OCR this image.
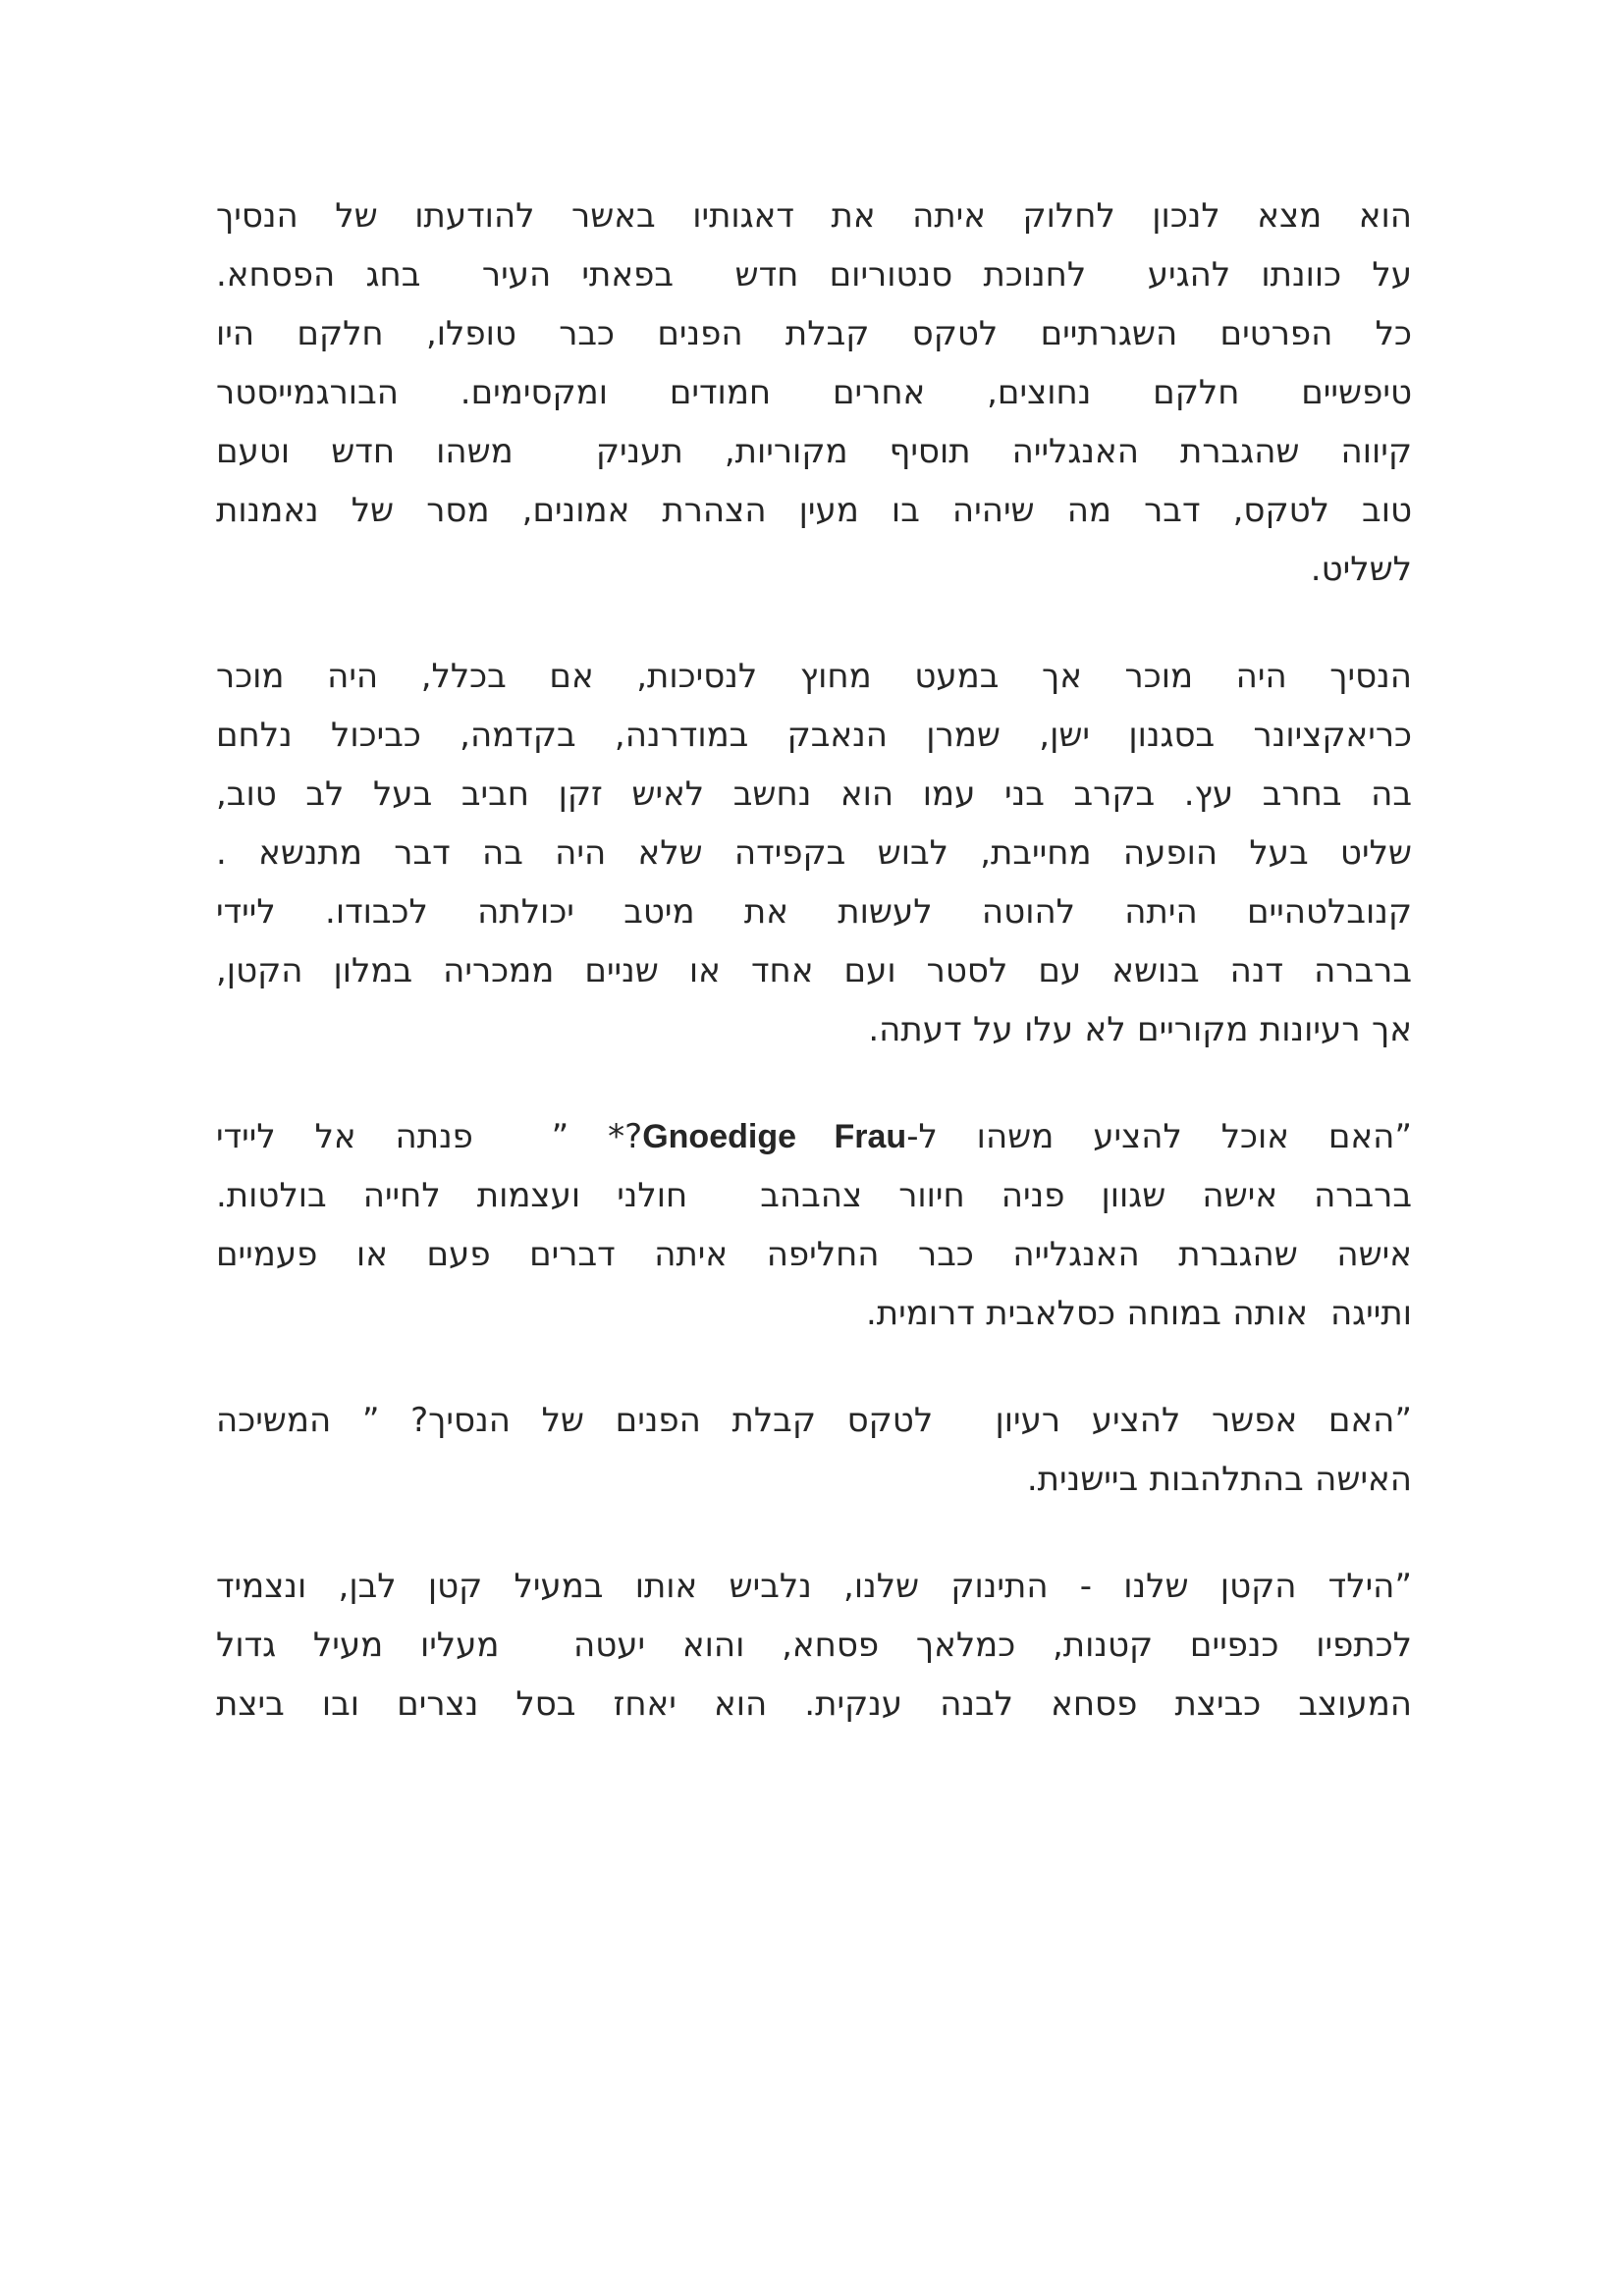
הוא מצא לנכון לחלוק איתה את דאגותיו באשר להודעתו של הנסיך
על כוונתו להגיע  לחנוכת סנטוריום חדש  בפאתי העיר  בחג הפסחא.
כל הפרטים השגרתיים לטקס קבלת הפנים כבר טופלו, חלקם היו
טיפשיים חלקם נחוצים, אחרים חמודים ומקסימים. הבורגמייסטר
קיווה שהגברת האנגלייה תוסיף מקוריות, תעניק  משהו חדש וטעם
טוב לטקס, דבר מה שיהיה בו מעין הצהרת אמונים, מסר של נאמנות
לשליט.
הנסיך היה מוכר אך במעט מחוץ לנסיכות, אם בכלל, היה מוכר
כריאקציונר בסגנון ישן, שמרן הנאבק במודרנה, בקדמה, כביכול נלחם
בה בחרב עץ. בקרב בני עמו הוא נחשב לאיש זקן חביב בעל לב טוב,
שליט בעל הופעה מחייבת, לבוש בקפידה שלא היה בה דבר מתנשא .
קנובלטהיים היתה להוטה לעשות את מיטב יכולתה לכבודו. ליידי
ברברה דנה בנושא עם לסטר ועם אחד או שניים ממכריה במלון הקטן,
אך רעיונות מקוריים לא עלו על דעתה.
”האם אוכל להציע משהו ל-Gnoedige Frau?* ”  פנתה אל ליידי
ברברה אישה שגוון פניה חיוור צהבהב  חולני ועצמות לחייה בולטות.
אישה שהגברת האנגלייה כבר החליפה איתה דברים פעם או פעמיים
ותייגה  אותה במוחה כסלאבית דרומית.
”האם אפשר להציע רעיון  לטקס קבלת הפנים של הנסיך? ” המשיכה
האישה בהתלהבות ביישנית.
”הילד הקטן שלנו - התינוק שלנו, נלביש אותו במעיל קטן לבן, ונצמיד
לכתפיו כנפיים קטנות, כמלאך פסחא, והוא יעטה  מעליו מעיל גדול
המעוצב כביצת פסחא לבנה ענקית. הוא יאחז בסל נצרים ובו ביצת
